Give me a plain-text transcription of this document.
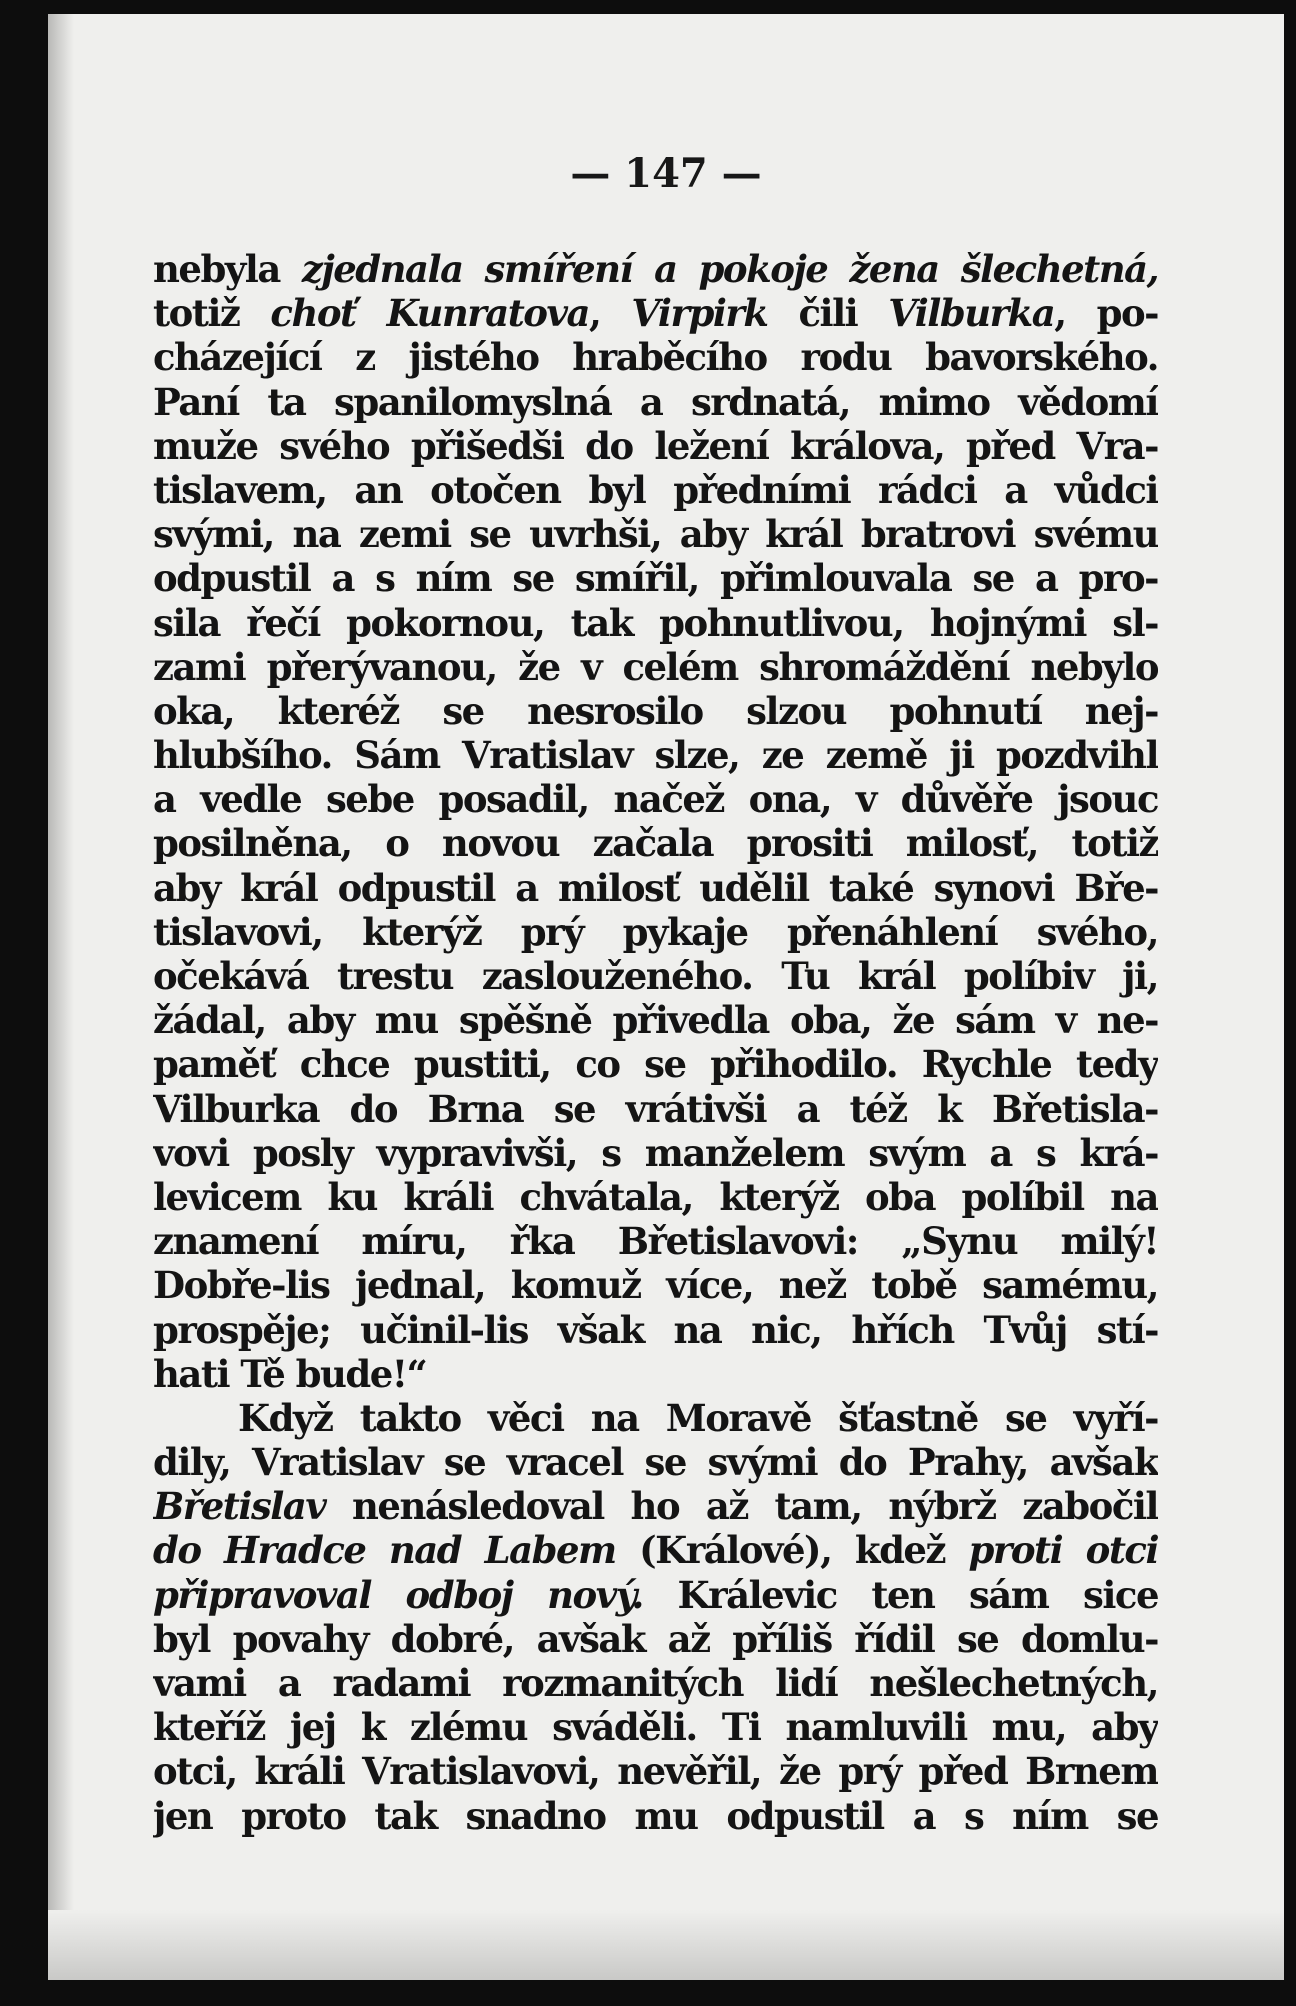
— 147 —
nebyla zjednala smíření a pokoje žena šlechetná,
totiž choť Kunratova, Virpirk čili Vilburka, po-
cházející z jistého hraběcího rodu bavorského.
Paní ta spanilomyslná a srdnatá, mimo vědomí
muže svého přišedši do ležení králova, před Vra-
tislavem, an otočen byl předními rádci a vůdci
svými, na zemi se uvrhši, aby král bratrovi svému
odpustil a s ním se smířil, přimlouvala se a pro-
sila řečí pokornou, tak pohnutlivou, hojnými sl-
zami přerývanou, že v celém shromáždění nebylo
oka, kteréž se nesrosilo slzou pohnutí nej-
hlubšího. Sám Vratislav slze, ze země ji pozdvihl
a vedle sebe posadil, načež ona, v důvěře jsouc
posilněna, o novou začala prositi milosť, totiž
aby král odpustil a milosť udělil také synovi Bře-
tislavovi, kterýž prý pykaje přenáhlení svého,
očekává trestu zaslouženého. Tu král políbiv ji,
žádal, aby mu spěšně přivedla oba, že sám v ne-
paměť chce pustiti, co se přihodilo. Rychle tedy
Vilburka do Brna se vrátivši a též k Břetisla-
vovi posly vypravivši, s manželem svým a s krá-
levicem ku králi chvátala, kterýž oba políbil na
znamení míru, řka Břetislavovi: „Synu milý!
Dobře-lis jednal, komuž více, než tobě samému,
prospěje; učinil-lis však na nic, hřích Tvůj stí-
hati Tě bude!“
Když takto věci na Moravě šťastně se vyří-
dily, Vratislav se vracel se svými do Prahy, avšak
Břetislav nenásledoval ho až tam, nýbrž zabočil
do Hradce nad Labem (Králové), kdež proti otci
připravoval odboj nový. Králevic ten sám sice
byl povahy dobré, avšak až příliš řídil se domlu-
vami a radami rozmanitých lidí nešlechetných,
kteříž jej k zlému sváděli. Ti namluvili mu, aby
otci, králi Vratislavovi, nevěřil, že prý před Brnem
jen proto tak snadno mu odpustil a s ním se
